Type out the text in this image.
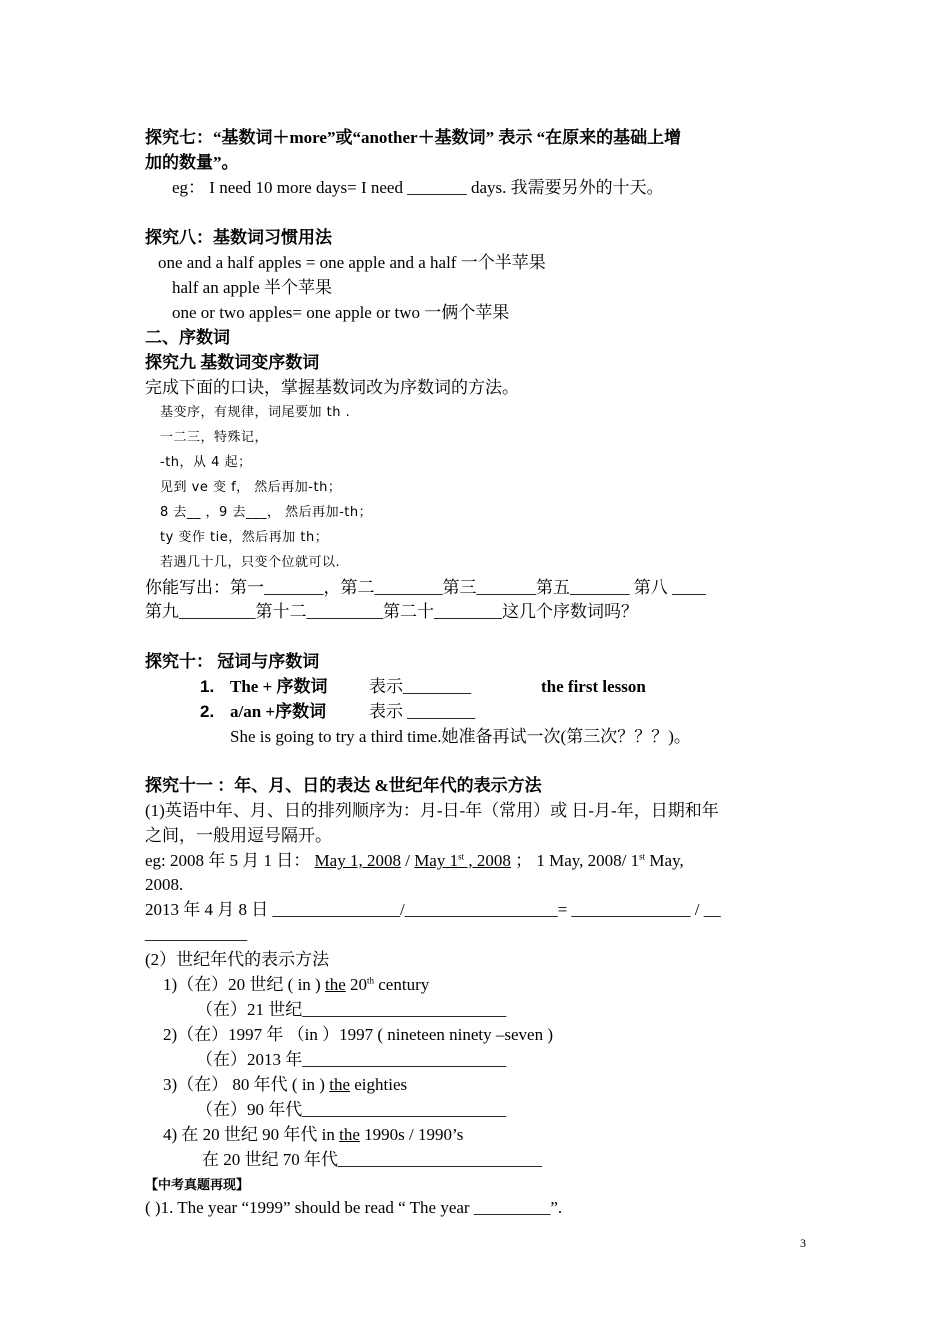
探究七：“基数词＋more”或“another＋基数词” 表示 “在原来的基础上增
加的数量”。
eg： I need 10 more days= I need _______ days. 我需要另外的十天。
探究八：基数词习惯用法
one and a half apples = one apple and a half 一个半苹果
half an apple 半个苹果
one or two apples= one apple or two 一俩个苹果
二、序数词
探究九 基数词变序数词
完成下面的口诀，掌握基数词改为序数词的方法。
基变序，有规律，词尾要加 th .
一二三，特殊记，
-th，从 4 起；
见到 ve 变 f， 然后再加-th；
8 去__ ，9 去___， 然后再加-th；
ty 变作 tie，然后再加 th；
若遇几十几，只变个位就可以.
你能写出：第一_______，第二________第三_______第五_______ 第八 ____
第九_________第十二_________第二十________这几个序数词吗？
探究十： 冠词与序数词
1. The + 序数词 表示________	the first lesson
2. a/an +序数词	表示 ________
She is going to try a third time.她准备再试一次(第三次？？？)。
探究十一 ：年、月、日的表达 &世纪年代的表示方法
(1)英语中年、月、日的排列顺序为：月-日-年（常用）或 日-月-年，日期和年
之间，一般用逗号隔开。
eg: 2008 年 5 月 1 日： May 1, 2008 / May 1st , 2008 ； 1 May, 2008/ 1st May,
2008.
2013 年 4 月 8 日 _______________/__________________= ______________ / __
____________
(2）世纪年代的表示方法
1)（在）20 世纪 ( in ) the 20th century
（在）21 世纪________________________
2)（在）1997 年 （in ）1997 ( nineteen ninety –seven )
（在）2013 年________________________
3)（在） 80 年代 ( in ) the eighties
（在）90 年代________________________
4) 在 20 世纪 90 年代 in the 1990s / 1990’s
在 20 世纪 70 年代________________________
【中考真题再现】
( )1. The year “1999” should be read “ The year _________”.
3
